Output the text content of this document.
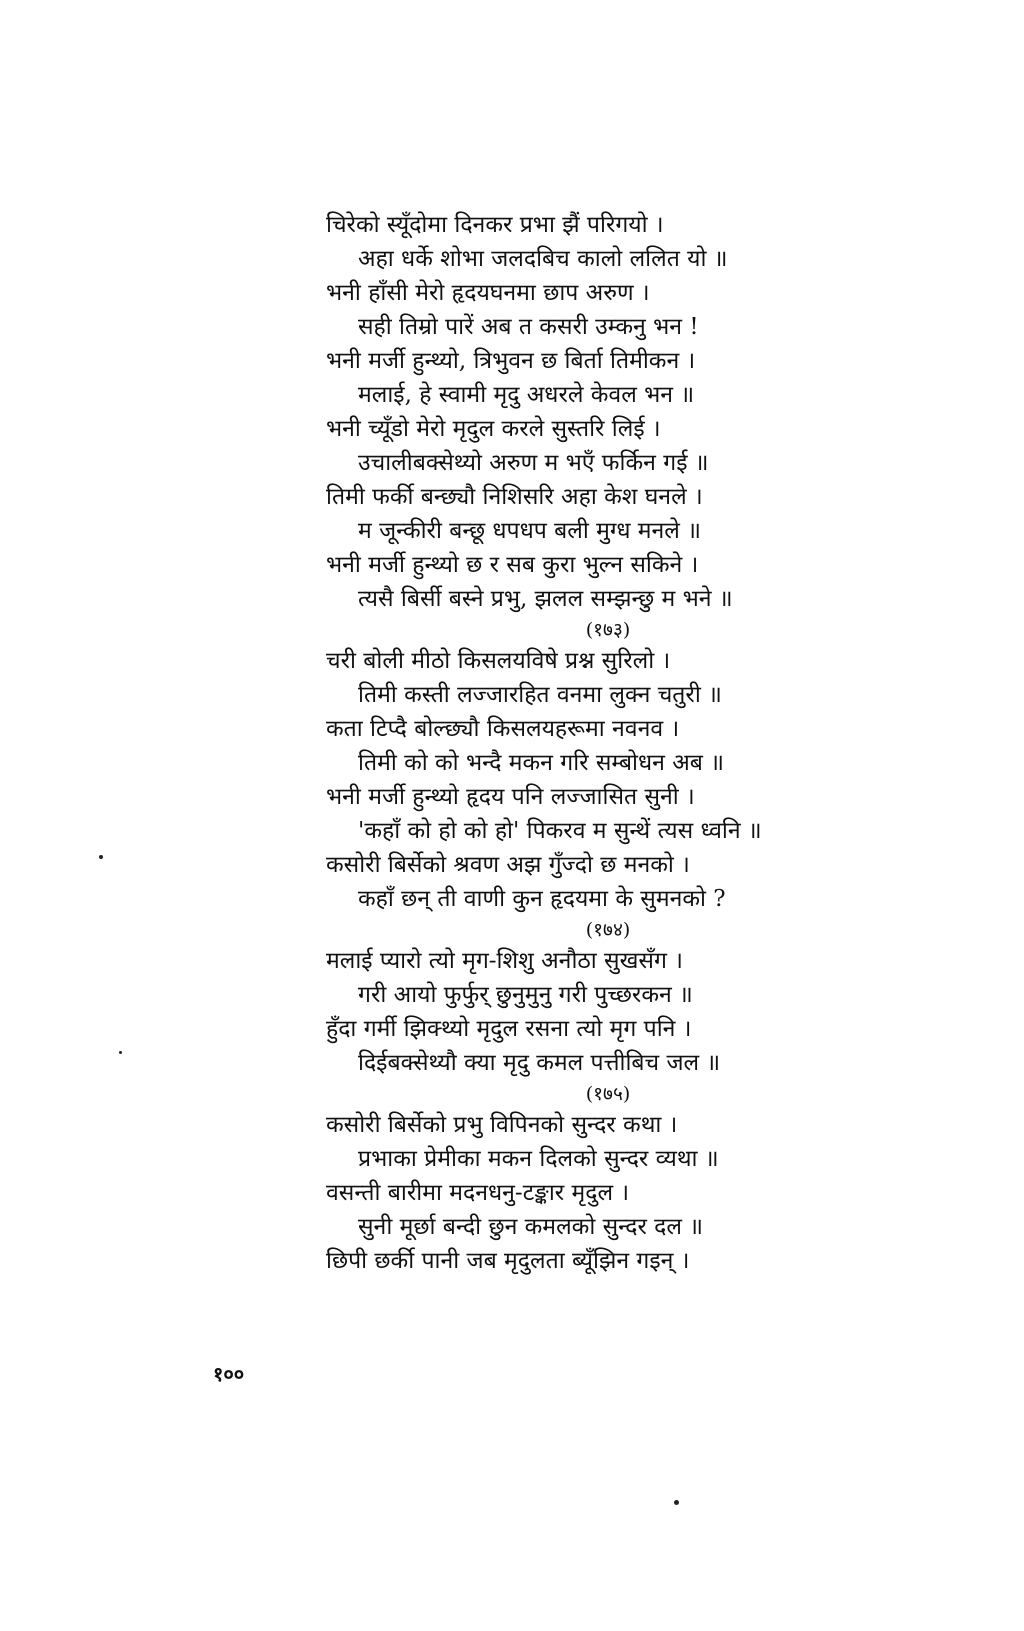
चिरेको स्यूँदोमा दिनकर प्रभा झैं परिगयो ।
अहा धर्के शोभा जलदबिच कालो ललित यो ॥
भनी हाँसी मेरो हृदयघनमा छाप अरुण ।
सही तिम्रो पारें अब त कसरी उम्कनु भन !
भनी मर्जी हुन्थ्यो, त्रिभुवन छ बिर्ता तिमीकन ।
मलाई, हे स्वामी मृदु अधरले केवल भन ॥
भनी च्यूँडो मेरो मृदुल करले सुस्तरि लिई ।
उचालीबक्सेथ्यो अरुण म भएँ फर्किन गई ॥
तिमी फर्की बन्छ्यौ निशिसरि अहा केश घनले ।
म जून्कीरी बन्छू धपधप बली मुग्ध मनले ॥
भनी मर्जी हुन्थ्यो छ र सब कुरा भुल्न सकिने ।
त्यसै बिर्सी बस्ने प्रभु, झलल सम्झन्छु म भने ॥
(१७३)
चरी बोली मीठो किसलयविषे प्रश्न सुरिलो ।
तिमी कस्ती लज्जारहित वनमा लुक्न चतुरी ॥
कता टिप्दै बोल्छ्यौ किसलयहरूमा नवनव ।
तिमी को को भन्दै मकन गरि सम्बोधन अब ॥
भनी मर्जी हुन्थ्यो हृदय पनि लज्जासित सुनी ।
'कहाँ को हो को हो' पिकरव म सुन्थें त्यस ध्वनि ॥
कसोरी बिर्सेको श्रवण अझ गुँज्दो छ मनको ।
कहाँ छन् ती वाणी कुन हृदयमा के सुमनको ?
(१७४)
मलाई प्यारो त्यो मृग-शिशु अनौठा सुखसँग ।
गरी आयो फुर्फुर् छुनुमुनु गरी पुच्छरकन ॥
हुँदा गर्मी झिक्थ्यो मृदुल रसना त्यो मृग पनि ।
दिईबक्सेथ्यौ क्या मृदु कमल पत्तीबिच जल ॥
(१७५)
कसोरी बिर्सेको प्रभु विपिनको सुन्दर कथा ।
प्रभाका प्रेमीका मकन दिलको सुन्दर व्यथा ॥
वसन्ती बारीमा मदनधनु-टङ्कार मृदुल ।
सुनी मूर्छा बन्दी छुन कमलको सुन्दर दल ॥
छिपी छर्की पानी जब मृदुलता ब्यूँझिन गइन् ।
१००
